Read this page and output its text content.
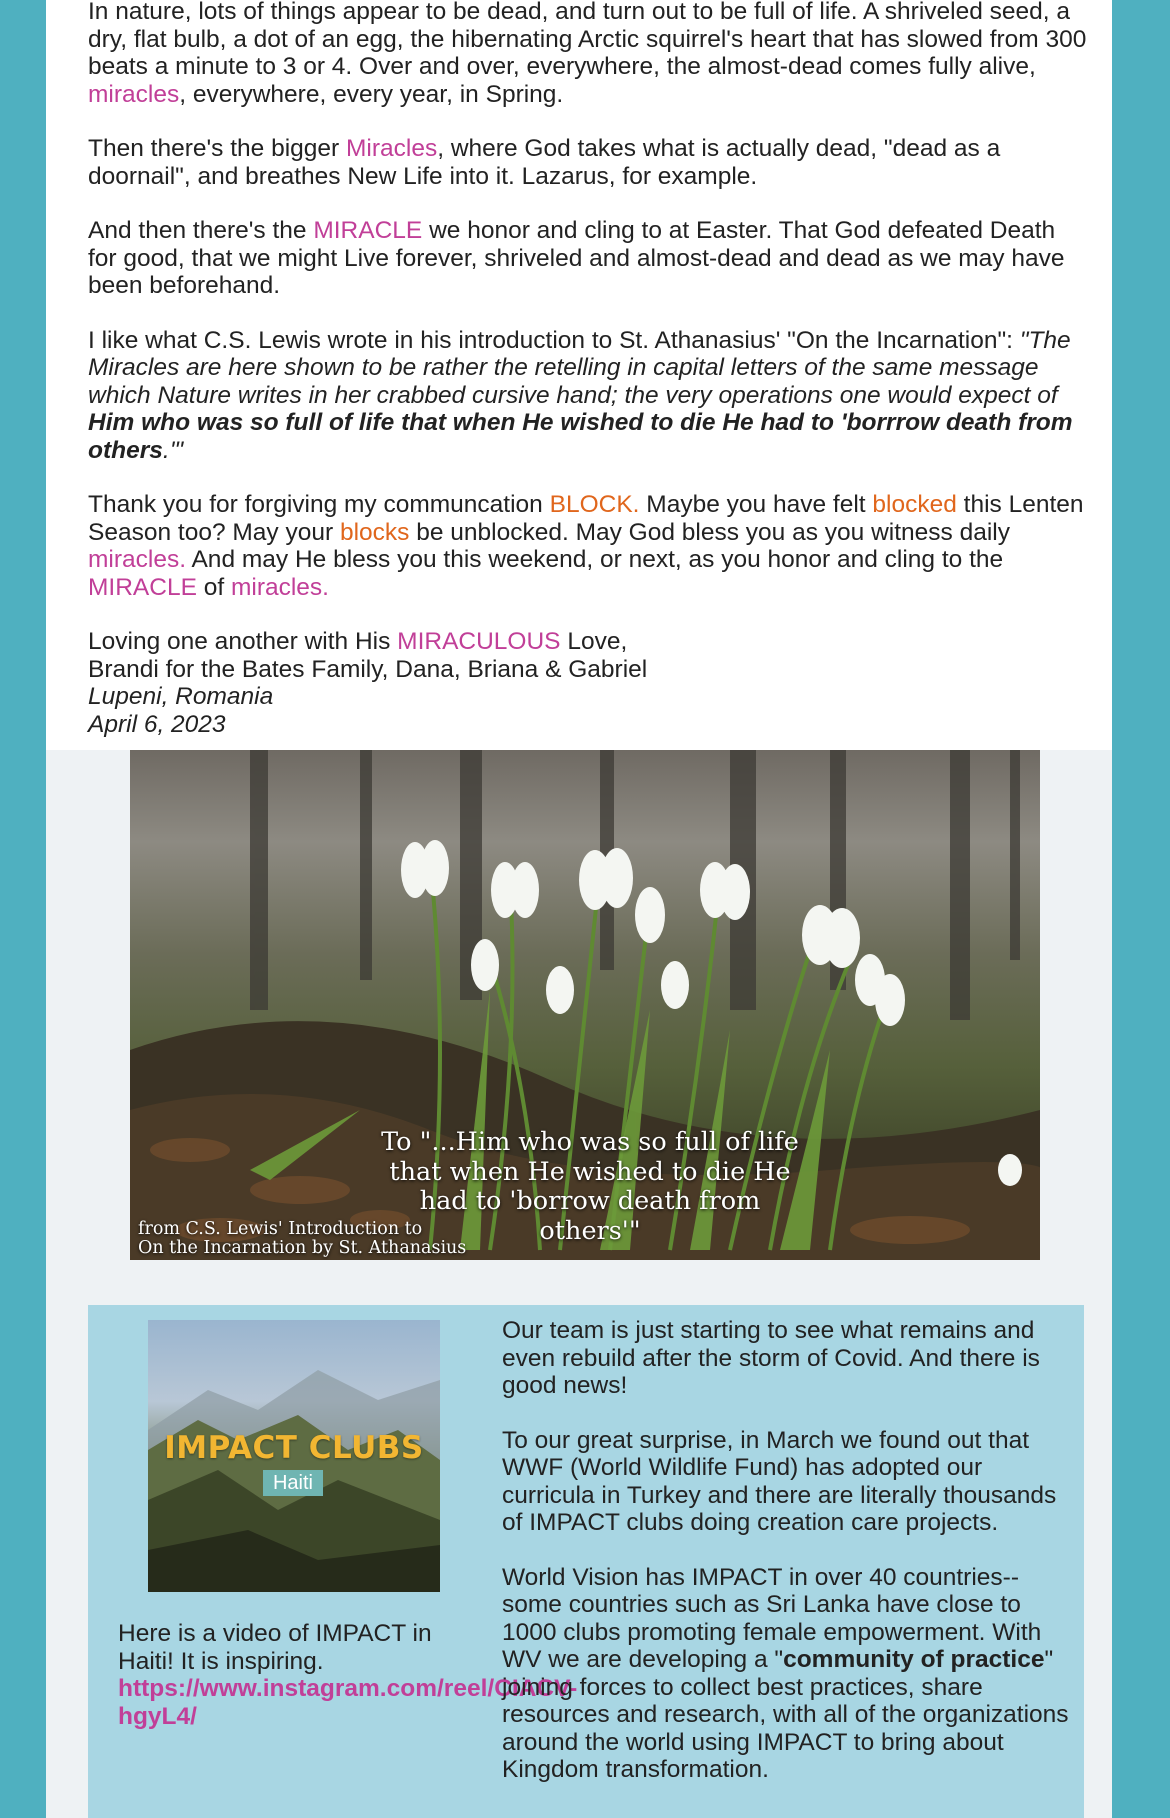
In nature, lots of things appear to be dead, and turn out to be full of life. A shriveled seed, a dry, flat bulb, a dot of an egg, the hibernating Arctic squirrel's heart that has slowed from 300 beats a minute to 3 or 4. Over and over, everywhere, the almost-dead comes fully alive, miracles, everywhere, every year, in Spring.

Then there's the bigger Miracles, where God takes what is actually dead, "dead as a doornail", and breathes New Life into it. Lazarus, for example.

And then there's the MIRACLE we honor and cling to at Easter. That God defeated Death for good, that we might Live forever, shriveled and almost-dead and dead as we may have been beforehand.

I like what C.S. Lewis wrote in his introduction to St. Athanasius' "On the Incarnation": "The Miracles are here shown to be rather the retelling in capital letters of the same message which Nature writes in her crabbed cursive hand; the very operations one would expect of Him who was so full of life that when He wished to die He had to 'borrrow death from others.'"

Thank you for forgiving my communcation BLOCK. Maybe you have felt blocked this Lenten Season too? May your blocks be unblocked. May God bless you as you witness daily miracles. And may He bless you this weekend, or next, as you honor and cling to the MIRACLE of miracles.

Loving one another with His MIRACULOUS Love,
Brandi for the Bates Family, Dana, Briana & Gabriel
Lupeni, Romania
April 6, 2023
To "...Him who was so full of life
that when He wished to die He
had to 'borrow death from
others'"
from C.S. Lewis' Introduction to
On the Incarnation by St. Athanasius
IMPACT CLUBS
Haiti
Here is a video of IMPACT in Haiti! It is inspiring. https://www.instagram.com/reel/CIACV-hgyL4/

Our team is just starting to see what remains and even rebuild after the storm of Covid. And there is good news!

To our great surprise, in March we found out that WWF (World Wildlife Fund) has adopted our curricula in Turkey and there are literally thousands of IMPACT clubs doing creation care projects.

World Vision has IMPACT in over 40 countries--some countries such as Sri Lanka have close to 1000 clubs promoting female empowerment. With WV we are developing a "community of practice" joining forces to collect best practices, share resources and research, with all of the organizations around the world using IMPACT to bring about Kingdom transformation.
